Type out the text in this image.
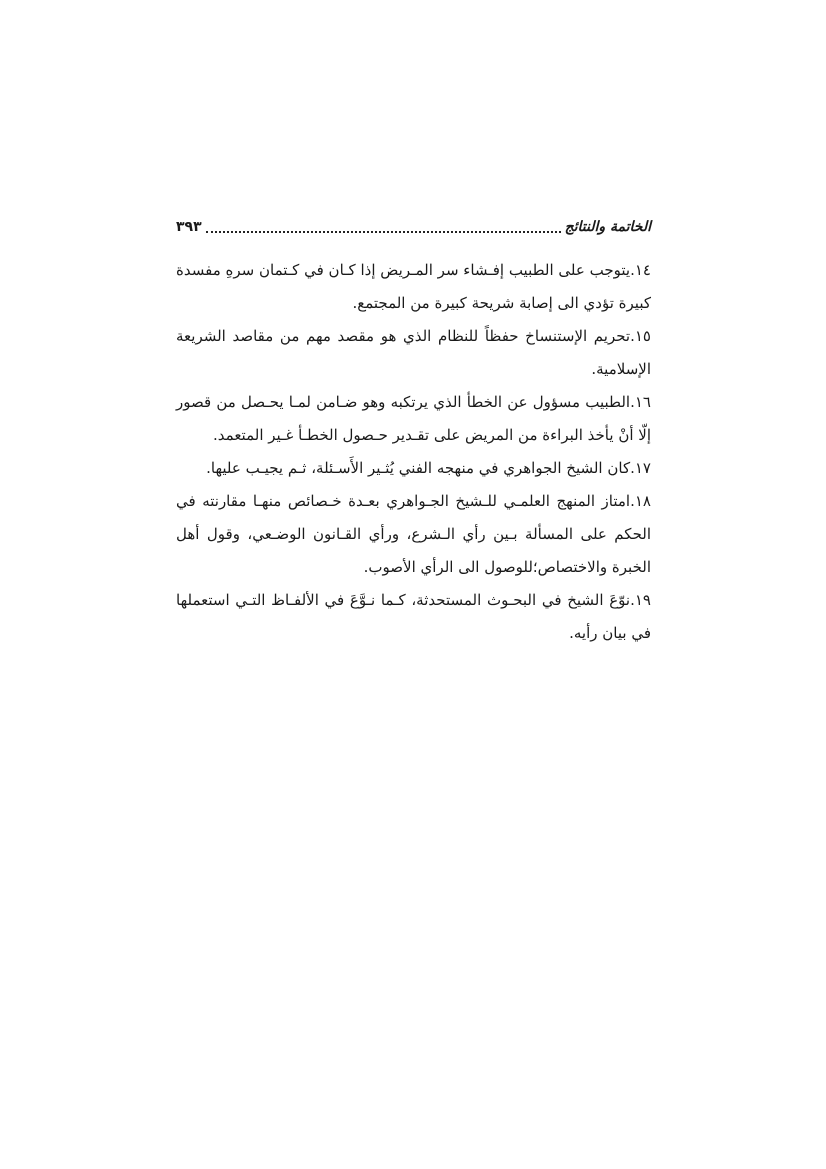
الخاتمة والنتائج
٣٩٣

١٤.يتوجب على الطبيب إفـشاء سر المـريض إذا كـان في كـتمان سرهِ مفسدة كبيرة تؤدي الى إصابة شريحة كبيرة من المجتمع.

١٥.تحريم الإستنساخ حفظاً للنظام الذي هو مقصد مهم من مقاصد الشريعة الإسلامية.

١٦.الطبيب مسؤول عن الخطأ الذي يرتكبه وهو ضـامن لمـا يحـصل من قصور إلّا أنْ يأخذ البراءة من المريض على تقـدير حـصول الخطـأ غـير المتعمد.

١٧.كان الشيخ الجواهري في منهجه الفني يُثـير الأَسـئلة، ثـم يجيـب عليها.

١٨.امتاز المنهج العلمـي للـشيخ الجـواهري بعـدة خـصائص منهـا مقارنته في الحكم على المسألة بـين رأي الـشرع، ورأي القـانون الوضـعي، وقول أهل الخبرة والاختصاص؛للوصول الى الرأي الأصوب.

١٩.نوّعَ الشيخ في البحـوث المستحدثة، كـما نـوَّعَ في الألفـاظ التـي استعملها في بيان رأيه.
